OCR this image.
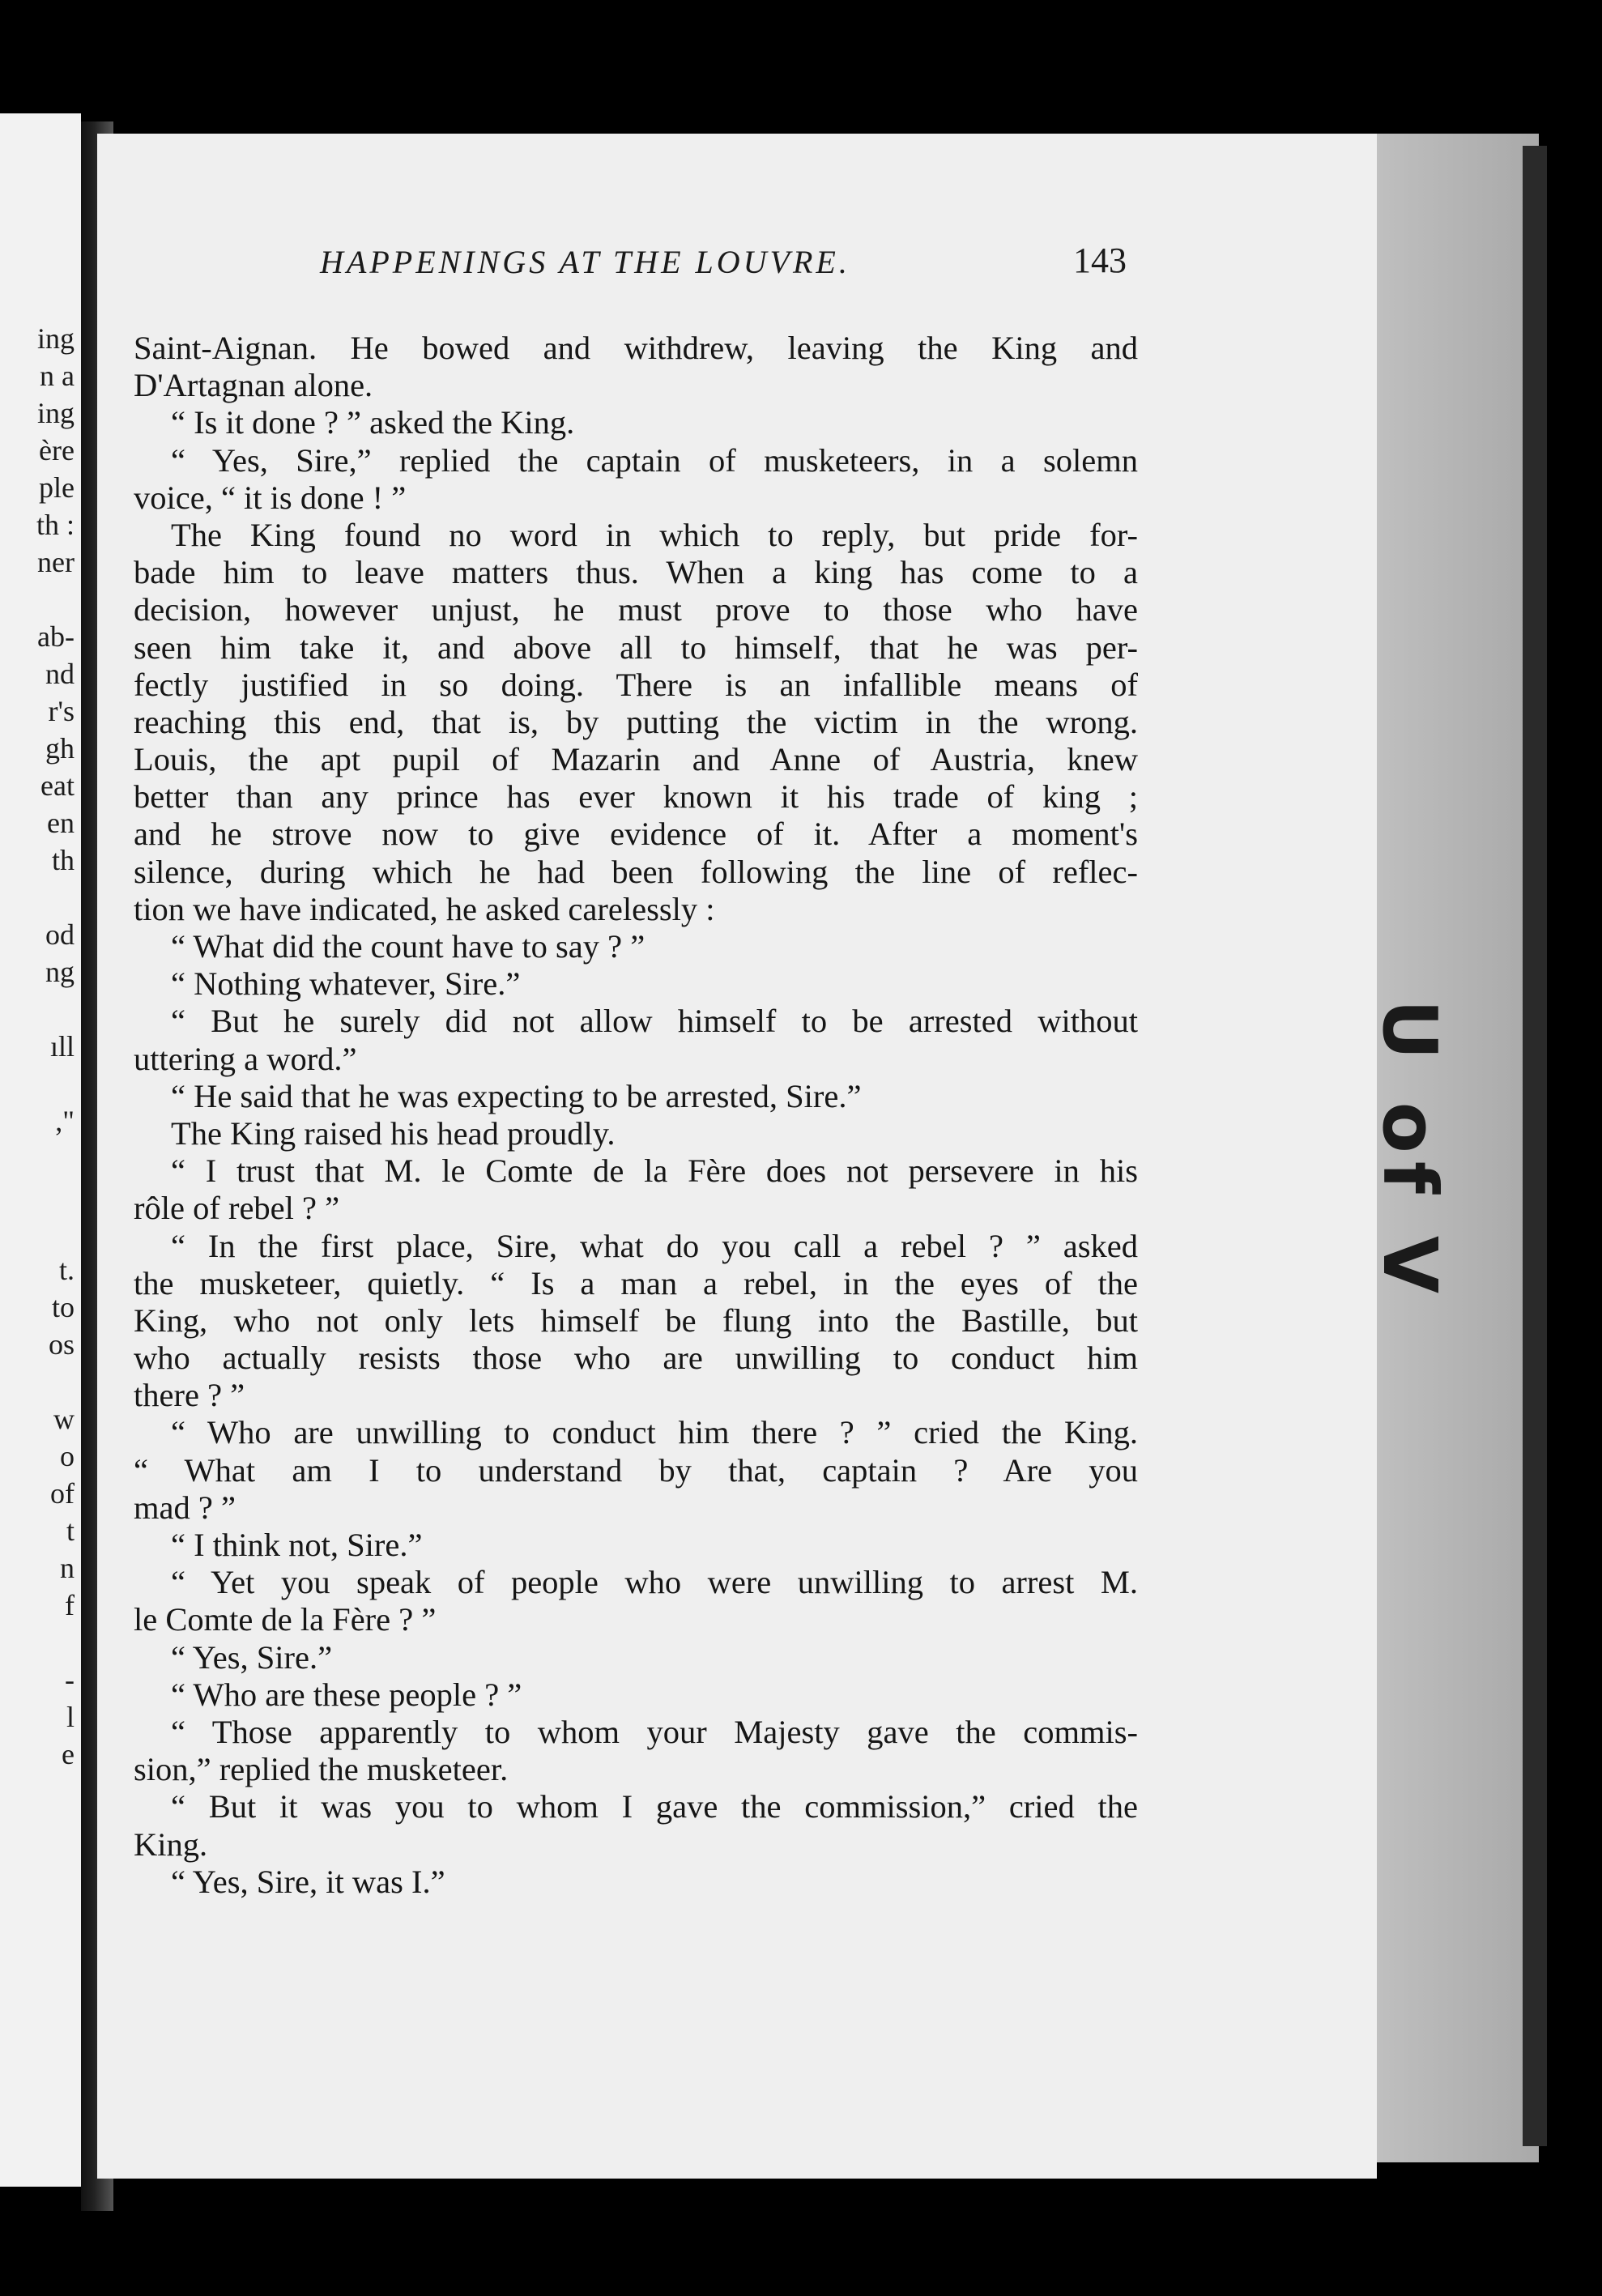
ing
n a
ing
ère
ple
th :
ner
ab-
nd
r's
gh
eat
en
th
od
ng
ıll
,"
t.
to
os
w
o
of
t
n
f
-
l
e
HAPPENINGS AT THE LOUVRE.	143
Saint-Aignan. He bowed and withdrew, leaving the King and
D'Artagnan alone.
“ Is it done ? ” asked the King.
“ Yes, Sire,” replied the captain of musketeers, in a solemn
voice, “ it is done ! ”
The King found no word in which to reply, but pride for-
bade him to leave matters thus. When a king has come to a
decision, however unjust, he must prove to those who have
seen him take it, and above all to himself, that he was per-
fectly justified in so doing. There is an infallible means of
reaching this end, that is, by putting the victim in the wrong.
Louis, the apt pupil of Mazarin and Anne of Austria, knew
better than any prince has ever known it his trade of king ;
and he strove now to give evidence of it. After a moment's
silence, during which he had been following the line of reflec-
tion we have indicated, he asked carelessly :
“ What did the count have to say ? ”
“ Nothing whatever, Sire.”
“ But he surely did not allow himself to be arrested without
uttering a word.”
“ He said that he was expecting to be arrested, Sire.”
The King raised his head proudly.
“ I trust that M. le Comte de la Fère does not persevere in his
rôle of rebel ? ”
“ In the first place, Sire, what do you call a rebel ? ” asked
the musketeer, quietly. “ Is a man a rebel, in the eyes of the
King, who not only lets himself be flung into the Bastille, but
who actually resists those who are unwilling to conduct him
there ? ”
“ Who are unwilling to conduct him there ? ” cried the King.
“ What am I to understand by that, captain ? Are you
mad ? ”
“ I think not, Sire.”
“ Yet you speak of people who were unwilling to arrest M.
le Comte de la Fère ? ”
“ Yes, Sire.”
“ Who are these people ? ”
“ Those apparently to whom your Majesty gave the commis-
sion,” replied the musketeer.
“ But it was you to whom I gave the commission,” cried the
King.
“ Yes, Sire, it was I.”
U of V
